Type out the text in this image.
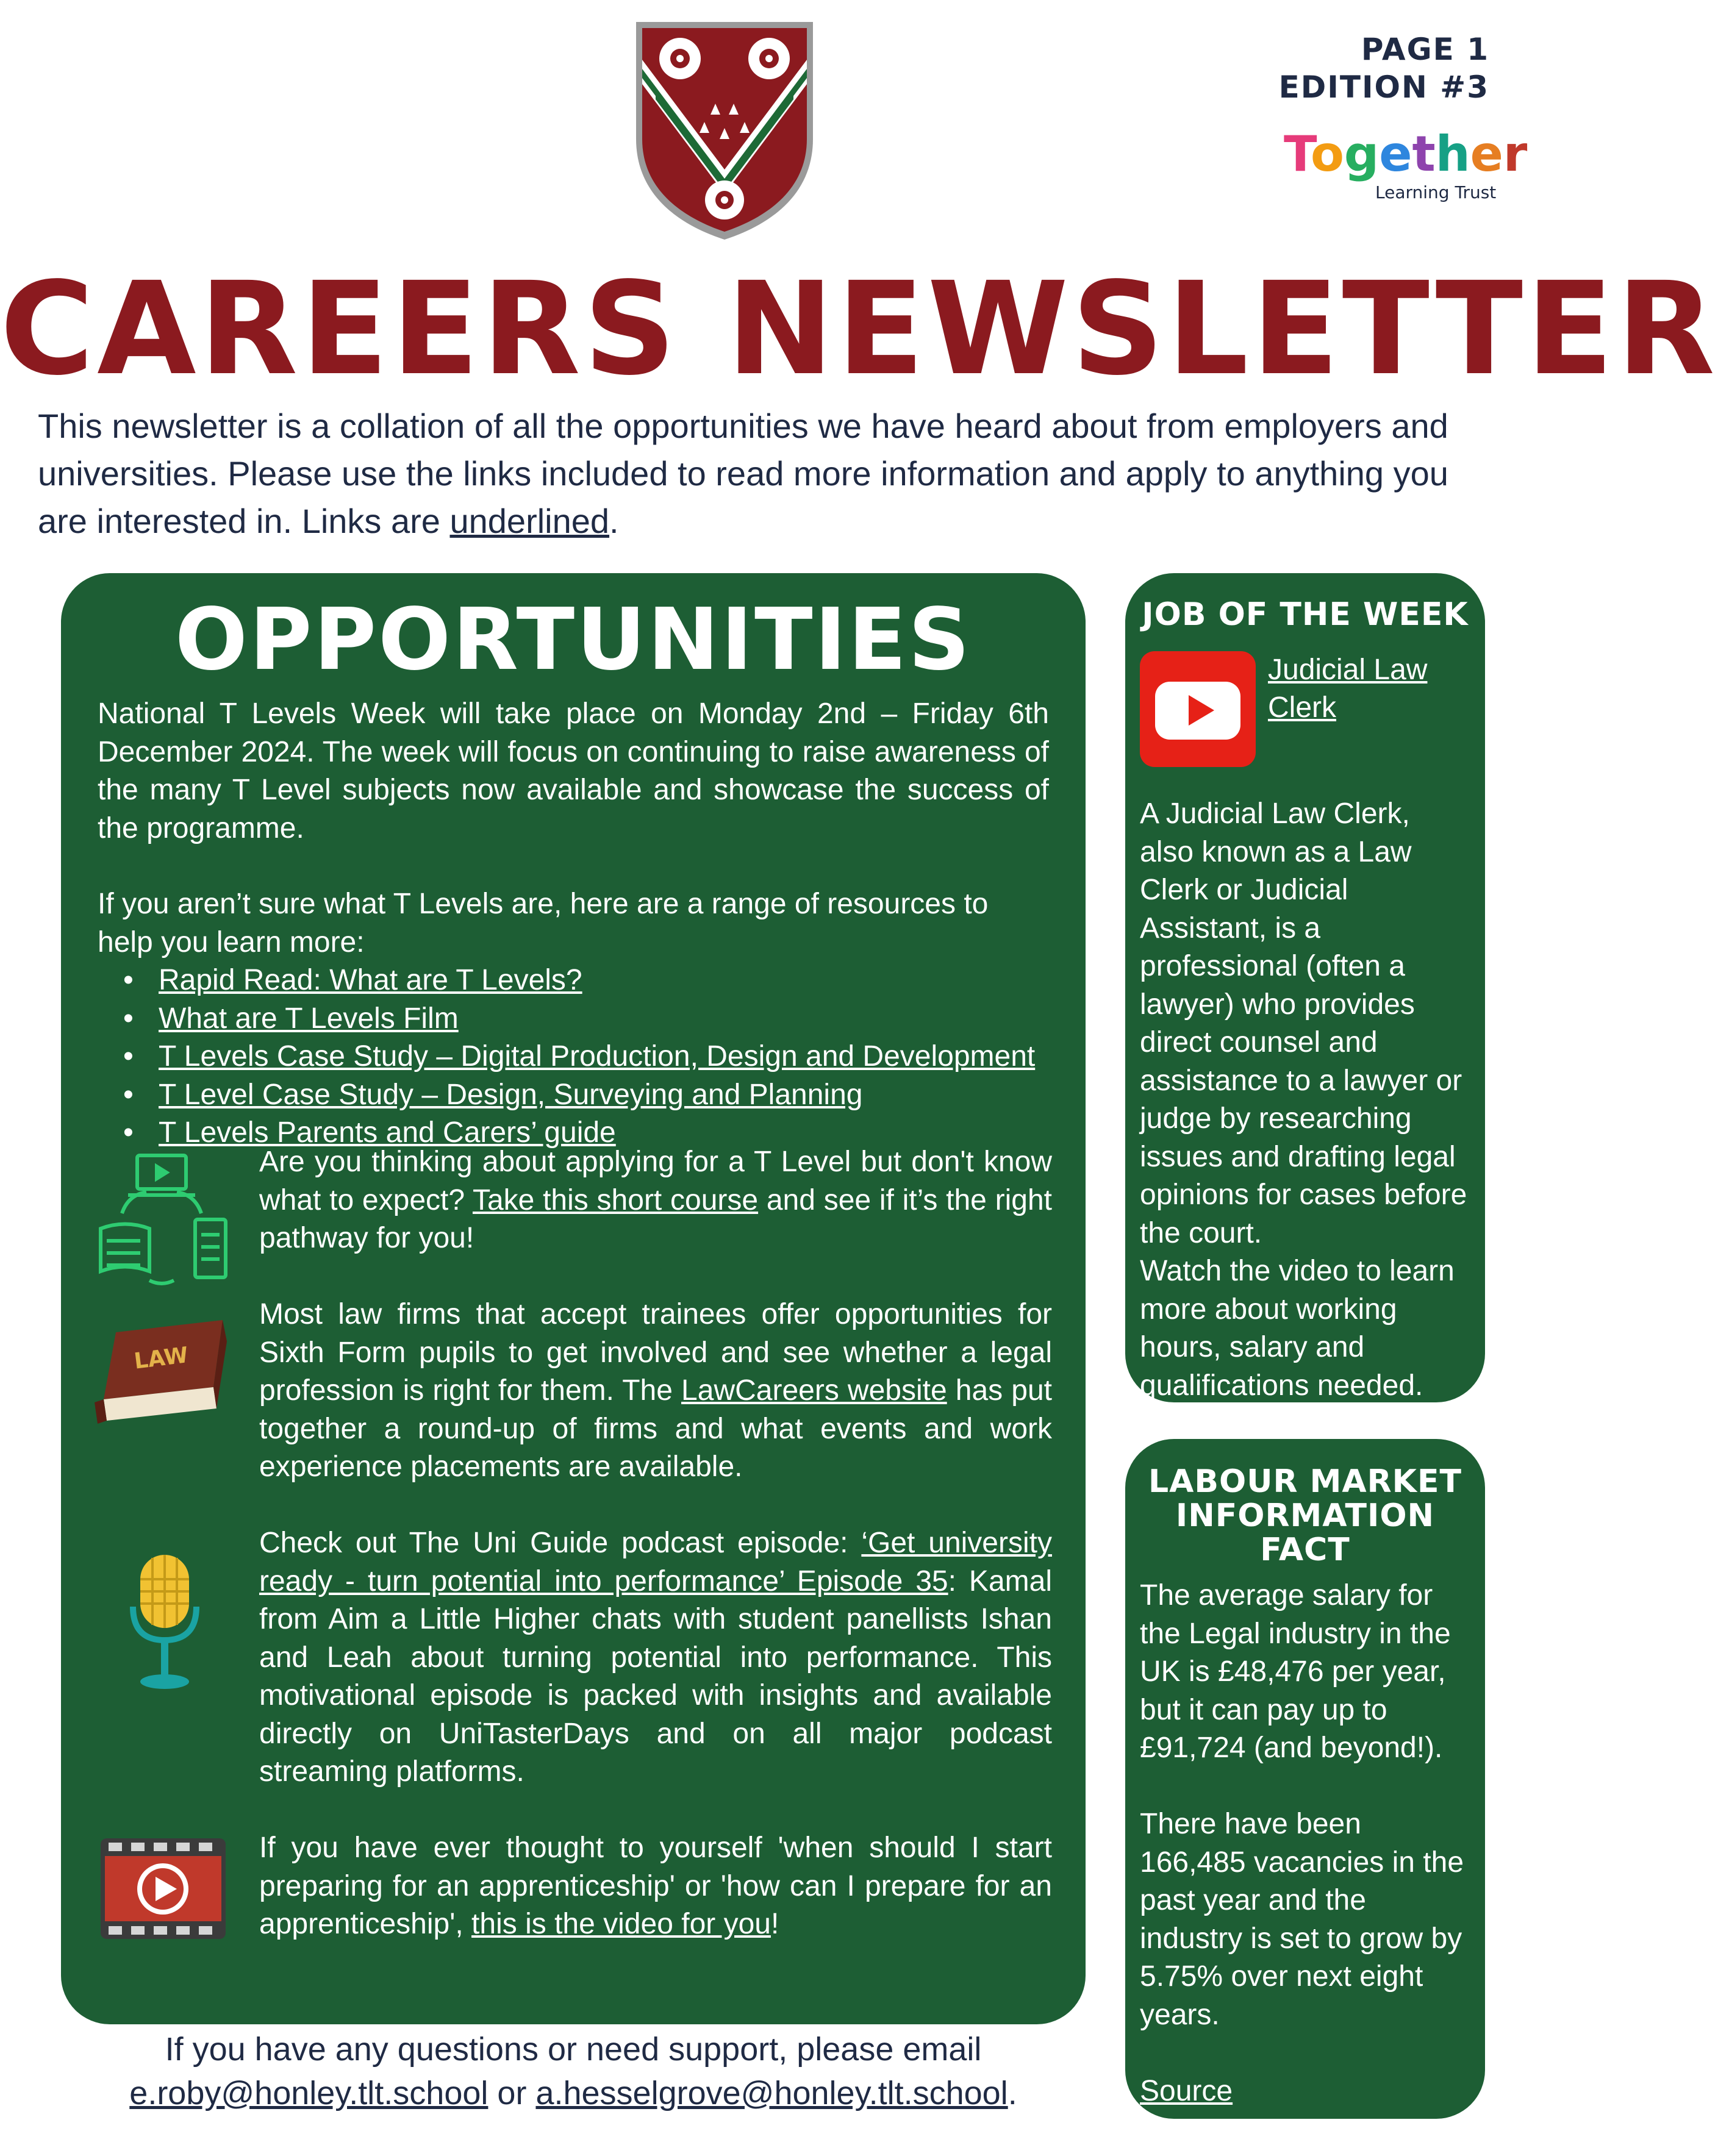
PAGE 1
EDITION #3
Together
Learning Trust
CAREERS NEWSLETTER
This newsletter is a collation of all the opportunities we have heard about from employers and universities. Please use the links included to read more information and apply to anything you are interested in. Links are underlined.
OPPORTUNITIES
National T Levels Week will take place on Monday 2nd – Friday 6th December 2024. The week will focus on continuing to raise awareness of the many T Level subjects now available and showcase the success of the programme.
If you aren’t sure what T Levels are, here are a range of resources to help you learn more:
• Rapid Read: What are T Levels?
• What are T Levels Film
• T Levels Case Study – Digital Production, Design and Development
• T Level Case Study – Design, Surveying and Planning
• T Levels Parents and Carers’ guide
Are you thinking about applying for a T Level but don't know what to expect? Take this short course and see if it’s the right pathway for you!
LAW
Most law firms that accept trainees offer opportunities for Sixth Form pupils to get involved and see whether a legal profession is right for them. The LawCareers website has put together a round-up of firms and what events and work experience placements are available.
Check out The Uni Guide podcast episode: ‘Get university ready - turn potential into performance’ Episode 35: Kamal from Aim a Little Higher chats with student panellists Ishan and Leah about turning potential into performance. This motivational episode is packed with insights and available directly on UniTasterDays and on all major podcast streaming platforms.
If you have ever thought to yourself 'when should I start preparing for an apprenticeship' or 'how can I prepare for an apprenticeship', this is the video for you!
If you have any questions or need support, please email
e.roby@honley.tlt.school or a.hesselgrove@honley.tlt.school.
JOB OF THE WEEK
Judicial Law Clerk
A Judicial Law Clerk, also known as a Law Clerk or Judicial Assistant, is a professional (often a lawyer) who provides direct counsel and assistance to a lawyer or judge by researching issues and drafting legal opinions for cases before the court.
Watch the video to learn more about working hours, salary and qualifications needed.
LABOUR MARKET
INFORMATION FACT
The average salary for the Legal industry in the UK is £48,476 per year, but it can pay up to £91,724 (and beyond!).
There have been 166,485 vacancies in the past year and the industry is set to grow by 5.75% over next eight years.
Source
